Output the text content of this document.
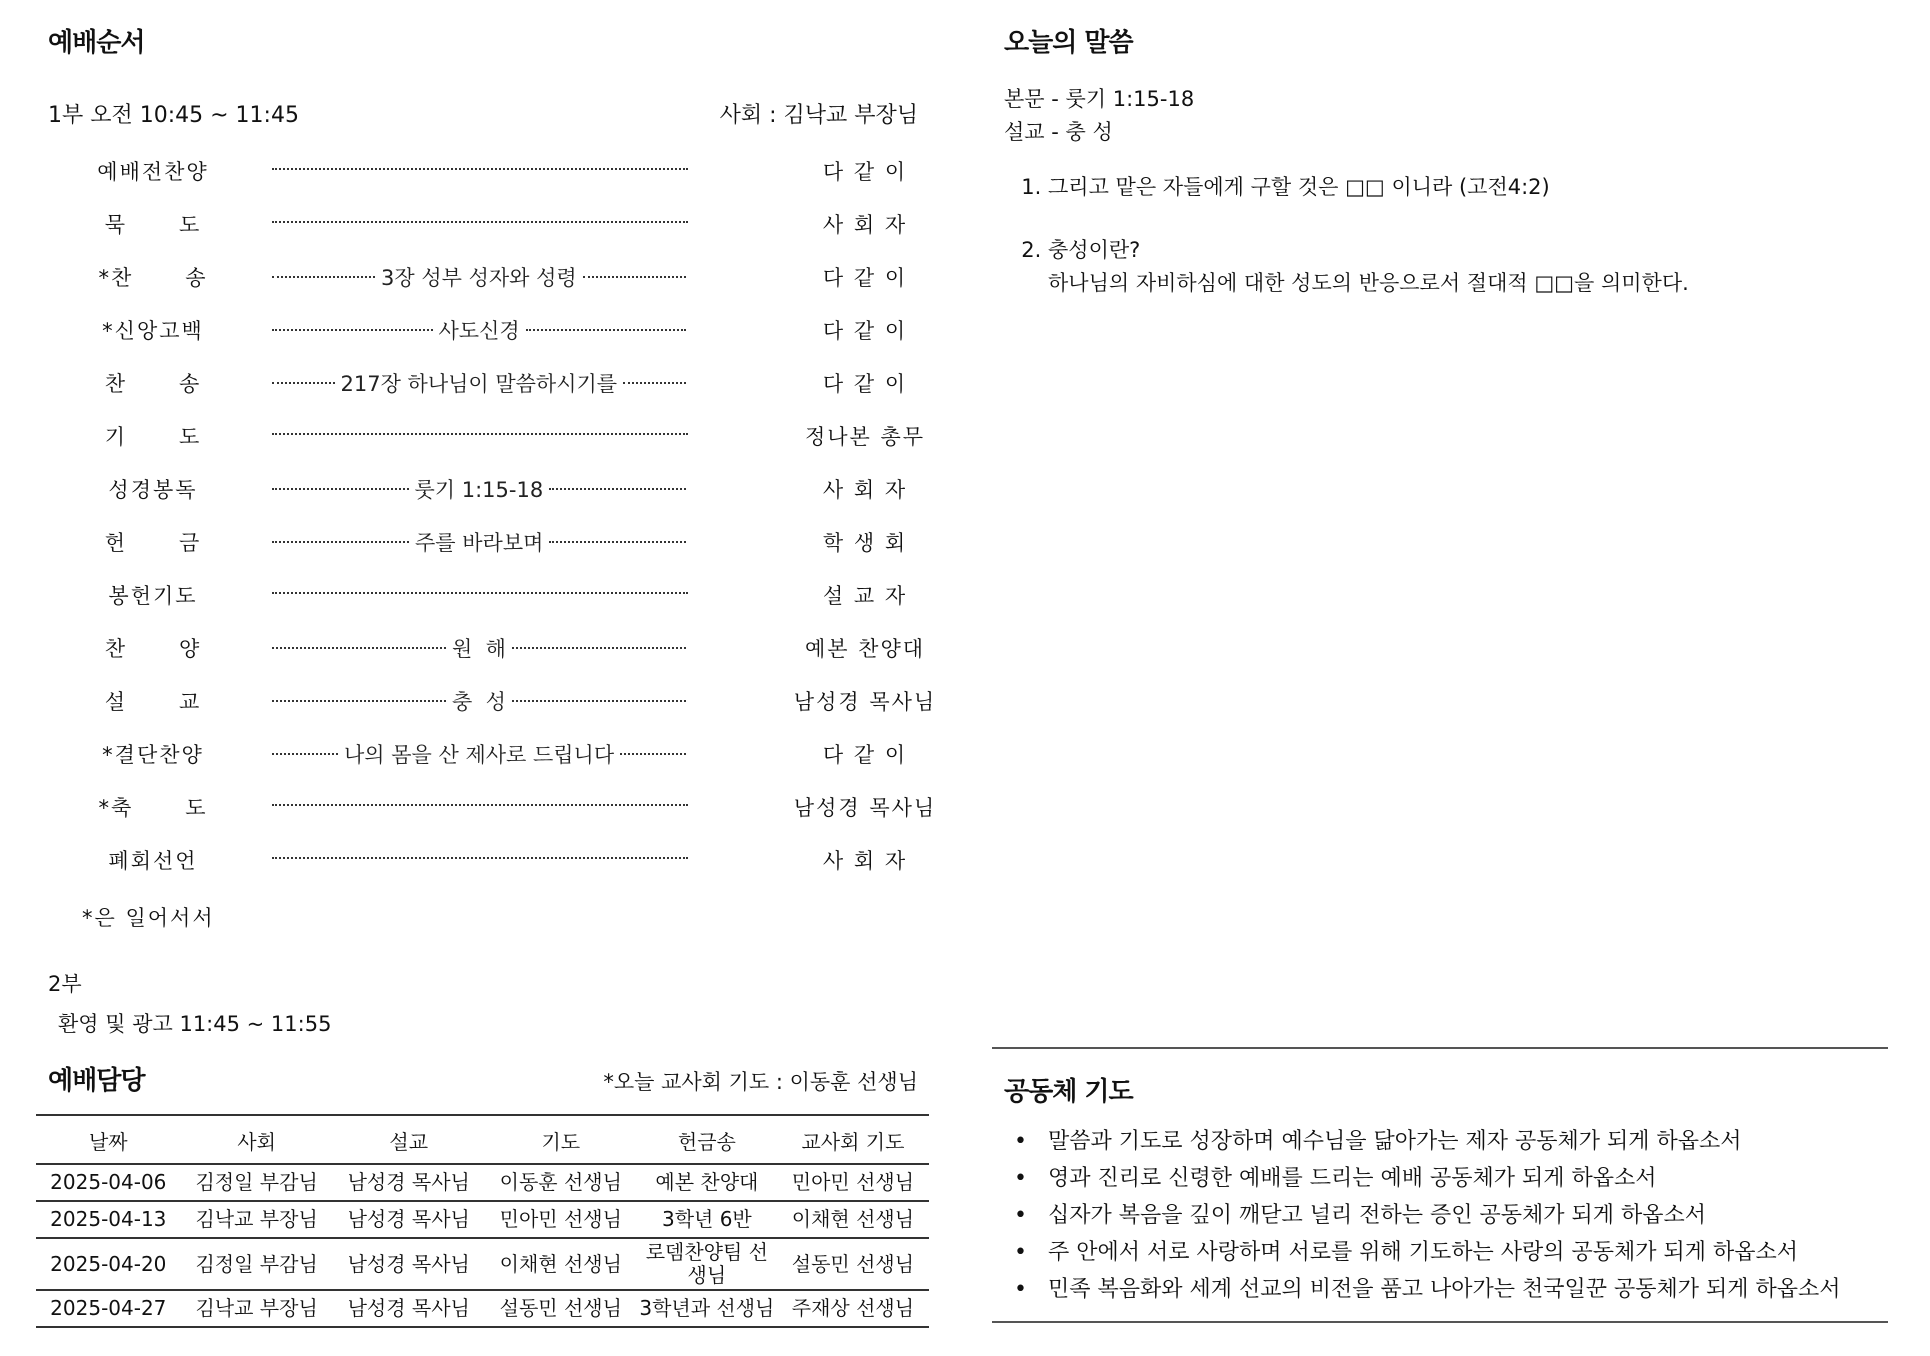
예배순서
1부 오전 10:45 ~ 11:45	사회 : 김낙교 부장님
예배전찬양	다 같 이
묵      도	사 회 자
*찬      송	3장 성부 성자와 성령	다 같 이
*신앙고백	사도신경	다 같 이
찬      송	217장 하나님이 말씀하시기를	다 같 이
기      도	정나본 총무
성경봉독	룻기 1:15-18	사 회 자
헌      금	주를 바라보며	학 생 회
봉헌기도	설 교 자
찬      양	원  해	예본 찬양대
설      교	충  성	남성경 목사님
*결단찬양	나의 몸을 산 제사로 드립니다	다 같 이
*축      도	남성경 목사님
폐회선언	사 회 자
*은 일어서서
2부
환영 및 광고 11:45 ~ 11:55
예배담당	*오늘 교사회 기도 : 이동훈 선생님
날짜	사회	설교	기도	헌금송	교사회 기도
2025-04-06	김정일 부감님	남성경 목사님	이동훈 선생님	예본 찬양대	민아민 선생님
2025-04-13	김낙교 부장님	남성경 목사님	민아민 선생님	3학년 6반	이채현 선생님
2025-04-20	김정일 부감님	남성경 목사님	이채현 선생님	로뎀찬양팀 선생님	설동민 선생님
2025-04-27	김낙교 부장님	남성경 목사님	설동민 선생님	3학년과 선생님	주재상 선생님
오늘의 말씀
본문 - 룻기 1:15-18
설교 - 충 성
1. 그리고 맡은 자들에게 구할 것은 □□ 이니라 (고전4:2)
2. 충성이란?
하나님의 자비하심에 대한 성도의 반응으로서 절대적 □□을 의미한다.
공동체 기도
• 말씀과 기도로 성장하며 예수님을 닮아가는 제자 공동체가 되게 하옵소서
• 영과 진리로 신령한 예배를 드리는 예배 공동체가 되게 하옵소서
• 십자가 복음을 깊이 깨닫고 널리 전하는 증인 공동체가 되게 하옵소서
• 주 안에서 서로 사랑하며 서로를 위해 기도하는 사랑의 공동체가 되게 하옵소서
• 민족 복음화와 세계 선교의 비전을 품고 나아가는 천국일꾼 공동체가 되게 하옵소서
